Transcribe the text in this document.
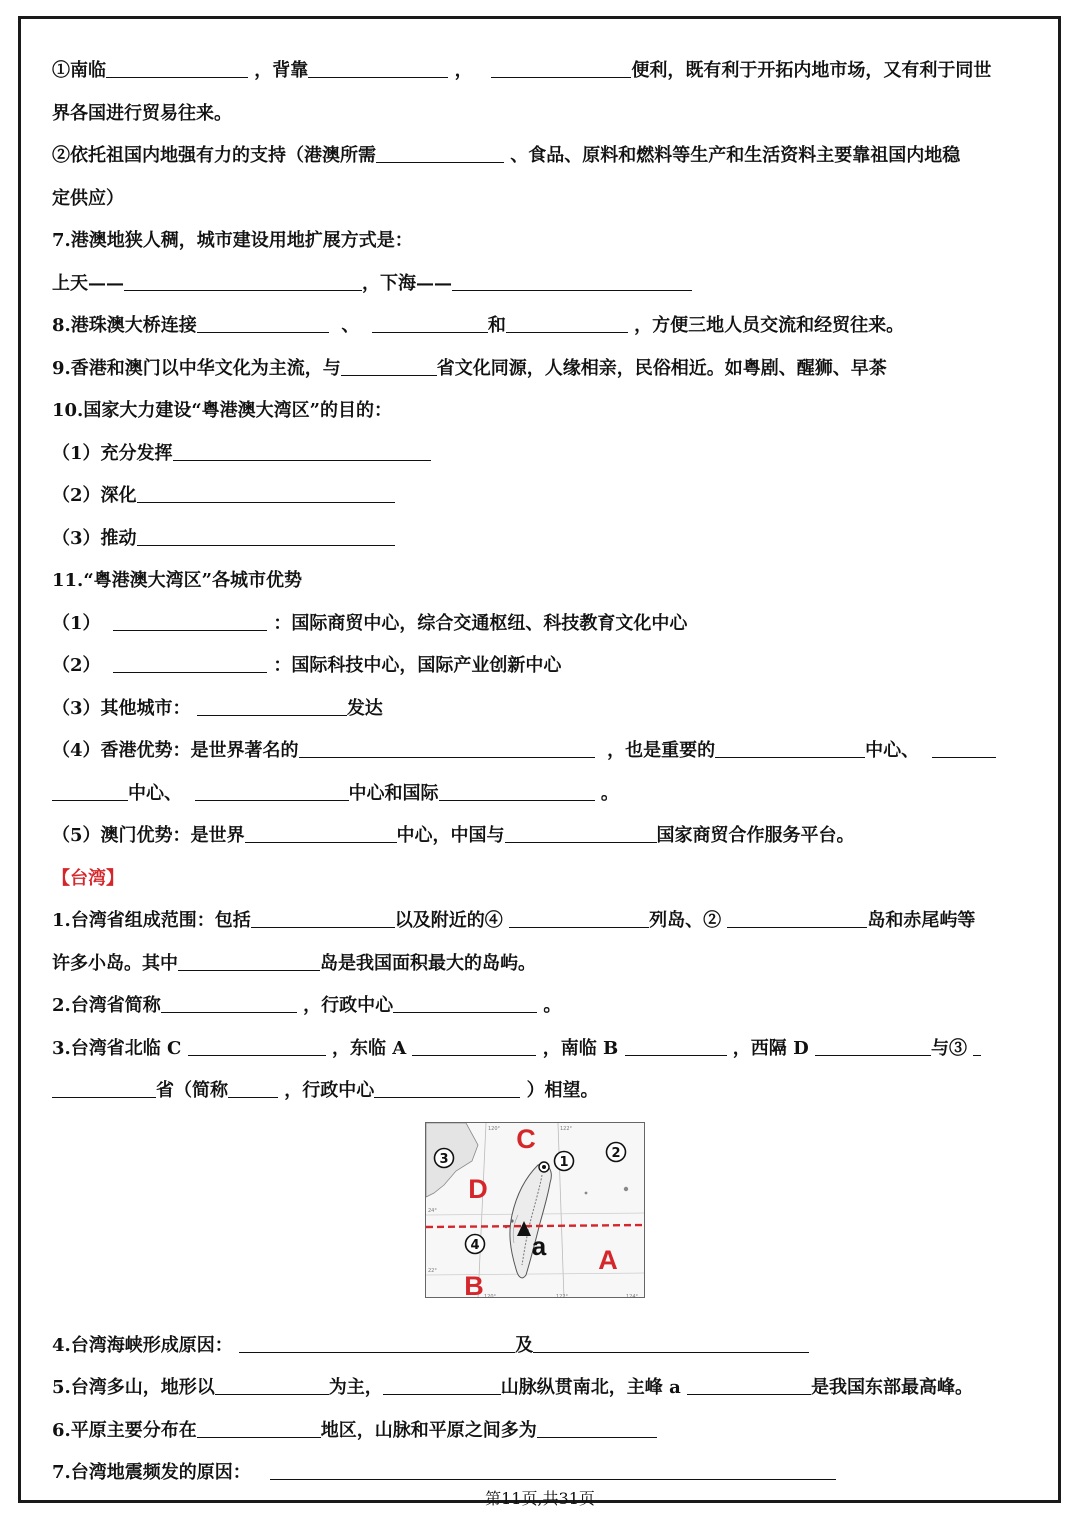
①南临	，背靠	，	便利，既有利于开拓内地市场，又有利于同世
界各国进行贸易往来。
②依托祖国内地强有力的支持（港澳所需	、食品、原料和燃料等生产和生活资料主要靠祖国内地稳
定供应）
7.港澳地狭人稠，城市建设用地扩展方式是：
上天——	，下海——
8.港珠澳大桥连接	、	和	，方便三地人员交流和经贸往来。
9.香港和澳门以中华文化为主流，与	省文化同源，人缘相亲，民俗相近。如粤剧、醒狮、早茶
10.国家大力建设“粤港澳大湾区”的目的：
（1）充分发挥
（2）深化
（3）推动
11.“粤港澳大湾区”各城市优势
（1）	：国际商贸中心，综合交通枢纽、科技教育文化中心
（2）	：国际科技中心，国际产业创新中心
（3）其他城市：	发达
（4）香港优势：是世界著名的	，也是重要的	中心、
中心、	中心和国际	。
（5）澳门优势：是世界	中心，中国与	国家商贸合作服务平台。
【台湾】
1.台湾省组成范围：包括	以及附近的④	列岛、②	岛和赤尾屿等
许多小岛。其中	岛是我国面积最大的岛屿。
2.台湾省简称	，行政中心	。
3.台湾省北临 C	，东临 A	，南临 B	，西隔 D	与③
省（简称	，行政中心	）相望。
4.台湾海峡形成原因：	及
5.台湾多山，地形以	为主，	山脉纵贯南北，主峰 a	是我国东部最高峰。
6.平原主要分布在	地区，山脉和平原之间多为
7.台湾地震频发的原因：
C
D
A
B
a
1
2
3
4
120°	122°
120°	122°	124°
24°
22°
第11页,共31页
